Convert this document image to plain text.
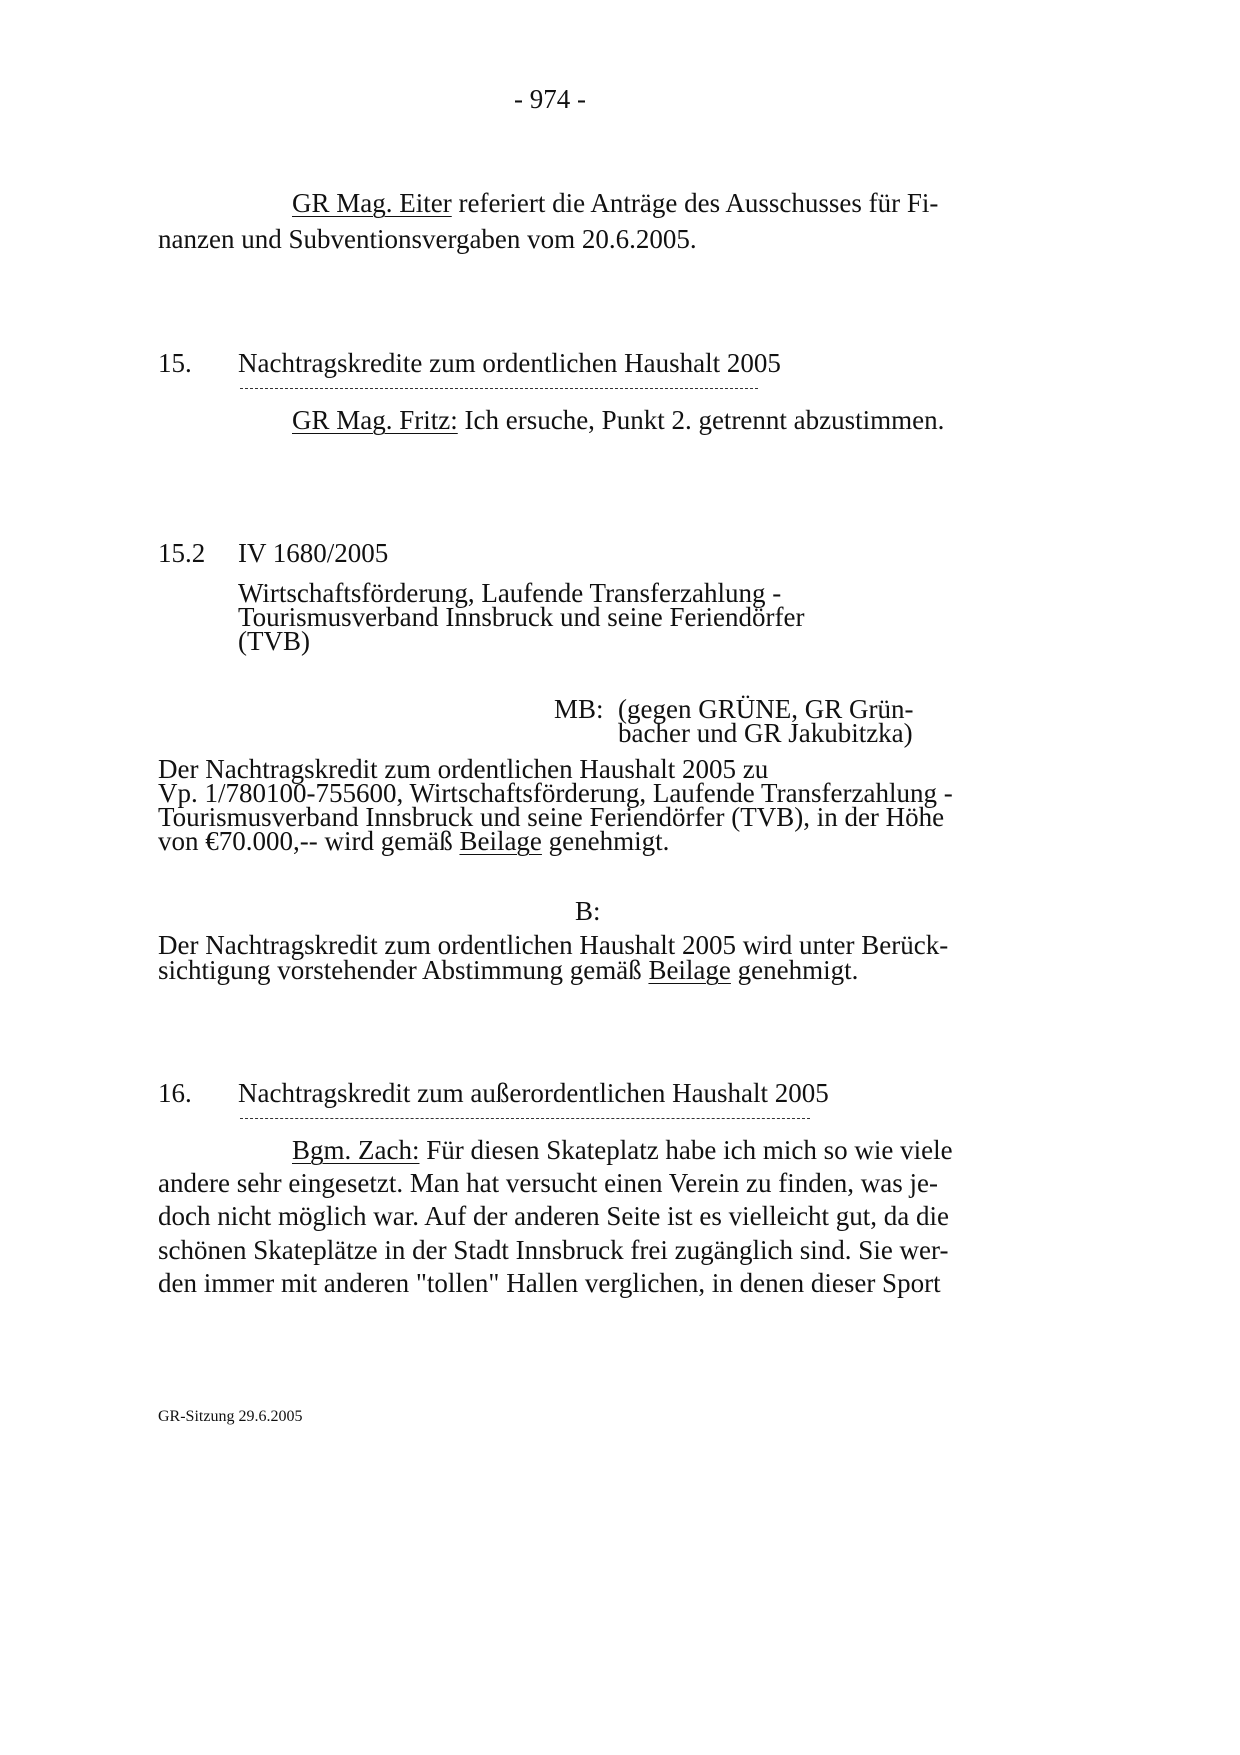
- 974 -
GR Mag. Eiter referiert die Anträge des Ausschusses für Fi-
nanzen und Subventionsvergaben vom 20.6.2005.
15. Nachtragskredite zum ordentlichen Haushalt 2005
GR Mag. Fritz: Ich ersuche, Punkt 2. getrennt abzustimmen.
15.2 IV 1680/2005
Wirtschaftsförderung, Laufende Transferzahlung -
Tourismusverband Innsbruck und seine Feriendörfer
(TVB)
MB: (gegen GRÜNE, GR Grün-
bacher und GR Jakubitzka)
Der Nachtragskredit zum ordentlichen Haushalt 2005 zu
Vp. 1/780100-755600, Wirtschaftsförderung, Laufende Transferzahlung -
Tourismusverband Innsbruck und seine Feriendörfer (TVB), in der Höhe
von €70.000,-- wird gemäß Beilage genehmigt.
B:
Der Nachtragskredit zum ordentlichen Haushalt 2005 wird unter Berück-
sichtigung vorstehender Abstimmung gemäß Beilage genehmigt.
16. Nachtragskredit zum außerordentlichen Haushalt 2005
Bgm. Zach: Für diesen Skateplatz habe ich mich so wie viele
andere sehr eingesetzt. Man hat versucht einen Verein zu finden, was je-
doch nicht möglich war. Auf der anderen Seite ist es vielleicht gut, da die
schönen Skateplätze in der Stadt Innsbruck frei zugänglich sind. Sie wer-
den immer mit anderen "tollen" Hallen verglichen, in denen dieser Sport
GR-Sitzung 29.6.2005
